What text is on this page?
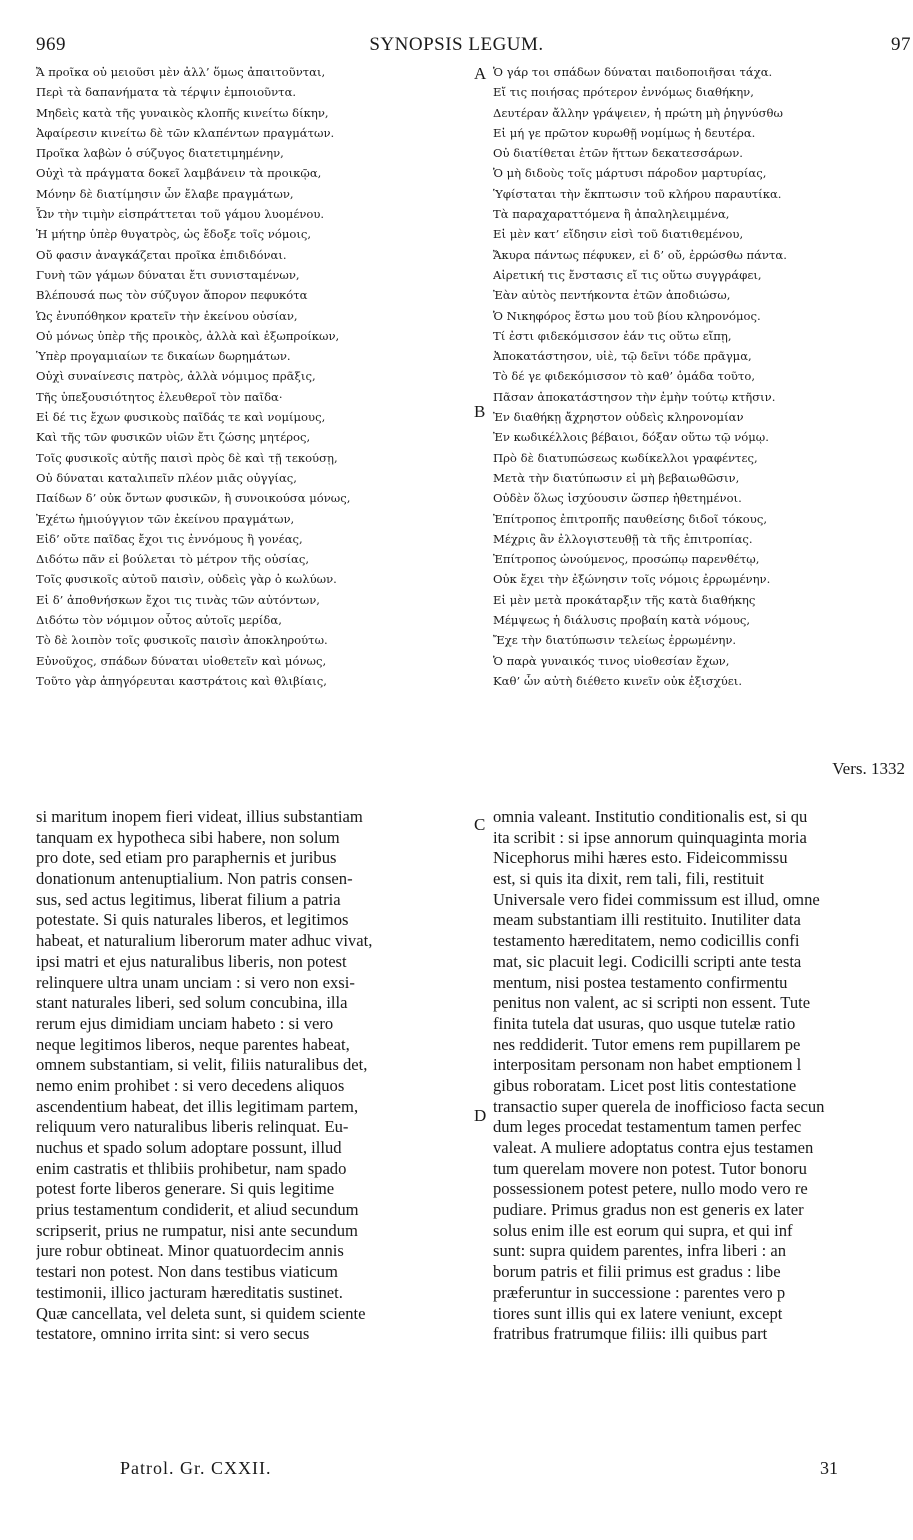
969	SYNOPSIS LEGUM.	97
Ἄ προῖκα οὐ μειοῦσι μὲν ἀλλ’ ὅμως ἀπαιτοῦνται,
Περὶ τὰ δαπανήματα τὰ τέρψιν ἐμποιοῦντα.
Μηδεὶς κατὰ τῆς γυναικὸς κλοπῆς κινείτω δίκην,
Ἀφαίρεσιν κινείτω δὲ τῶν κλαπέντων πραγμάτων.
Προῖκα λαβὼν ὁ σύζυγος διατετιμημένην,
Οὐχὶ τὰ πράγματα δοκεῖ λαμβάνειν τὰ προικῷα,
Μόνην δὲ διατίμησιν ὧν ἔλαβε πραγμάτων,
Ὧν τὴν τιμὴν εἰσπράττεται τοῦ γάμου λυομένου.
Ἡ μήτηρ ὑπὲρ θυγατρὸς, ὡς ἔδοξε τοῖς νόμοις,
Οὔ φασιν ἀναγκάζεται προῖκα ἐπιδιδόναι.
Γυνὴ τῶν γάμων δύναται ἔτι συνισταμένων,
Βλέπουσά πως τὸν σύζυγον ἄπορον πεφυκότα
Ὡς ἐνυπόθηκον κρατεῖν τὴν ἐκείνου οὐσίαν,
Οὐ μόνως ὑπὲρ τῆς προικὸς, ἀλλὰ καὶ ἐξωπροίκων,
Ὑπὲρ προγαμιαίων τε δικαίων δωρημάτων.
Οὐχὶ συναίνεσις πατρὸς, ἀλλὰ νόμιμος πρᾶξις,
Τῆς ὑπεξουσιότητος ἐλευθεροῖ τὸν παῖδα·
Εἰ δέ τις ἔχων φυσικοὺς παῖδάς τε καὶ νομίμους,
Καὶ τῆς τῶν φυσικῶν υἱῶν ἔτι ζώσης μητέρος,
Τοῖς φυσικοῖς αὐτῆς παισὶ πρὸς δὲ καὶ τῇ τεκούσῃ,
Οὐ δύναται καταλιπεῖν πλέον μιᾶς οὐγγίας,
Παίδων δ’ οὐκ ὄντων φυσικῶν, ἢ συνοικούσα μόνως,
Ἐχέτω ἡμιούγγιον τῶν ἐκείνου πραγμάτων,
Εἰδ’ οὔτε παῖδας ἔχοι τις ἐννόμους ἢ γονέας,
Διδότω πᾶν εἰ βούλεται τὸ μέτρον τῆς οὐσίας,
Τοῖς φυσικοῖς αὐτοῦ παισὶν, οὐδεὶς γὰρ ὁ κωλύων.
Εἰ δ’ ἀποθνήσκων ἔχοι τις τινὰς τῶν αὐτόντων,
Διδότω τὸν νόμιμον οὗτος αὐτοῖς μερίδα,
Τὸ δὲ λοιπὸν τοῖς φυσικοῖς παισὶν ἀποκληρούτω.
Εὐνοῦχος, σπάδων δύναται υἱοθετεῖν καὶ μόνως,
Τοῦτο γὰρ ἀπηγόρευται καστράτοις καὶ θλιβίαις,
Ὁ γάρ τοι σπάδων δύναται παιδοποιῆσαι τάχα.
Εἴ τις ποιήσας πρότερον ἐννόμως διαθήκην,
Δευτέραν ἄλλην γράψειεν, ἡ πρώτη μὴ ῥηγνύσθω
Εἰ μή γε πρῶτον κυρωθῇ νομίμως ἡ δευτέρα.
Οὐ διατίθεται ἐτῶν ἥττων δεκατεσσάρων.
Ὁ μὴ διδοὺς τοῖς μάρτυσι πάροδον μαρτυρίας,
Ὑφίσταται τὴν ἔκπτωσιν τοῦ κλήρου παραυτίκα.
Τὰ παραχαραττόμενα ἢ ἀπαληλειμμένα,
Εἰ μὲν κατ’ εἴδησιν εἰσὶ τοῦ διατιθεμένου,
Ἄκυρα πάντως πέφυκεν, εἰ δ’ οὔ, ἐρρώσθω πάντα.
Αἱρετική τις ἔνστασις εἴ τις οὕτω συγγράφει,
Ἐὰν αὐτὸς πεντήκοντα ἐτῶν ἀποδιώσω,
Ὁ Νικηφόρος ἔστω μου τοῦ βίου κληρονόμος.
Τί ἐστι φιδεκόμισσον ἐάν τις οὕτω εἴπῃ,
Ἀποκατάστησον, υἱὲ, τῷ δεῖνι τόδε πρᾶγμα,
Τὸ δέ γε φιδεκόμισσον τὸ καθ’ ὁμάδα τοῦτο,
Πᾶσαν ἀποκατάστησον τὴν ἐμὴν τούτῳ κτῆσιν.
Ἐν διαθήκῃ ἄχρηστον οὐδεὶς κληρονομίαν
Ἐν κωδικέλλοις βέβαιοι, δόξαν οὕτω τῷ νόμῳ.
Πρὸ δὲ διατυπώσεως κωδίκελλοι γραφέντες,
Μετὰ τὴν διατύπωσιν εἰ μὴ βεβαιωθῶσιν,
Οὐδὲν ὅλως ἰσχύουσιν ὥσπερ ἠθετημένοι.
Ἐπίτροπος ἐπιτροπῆς παυθείσης διδοῖ τόκους,
Μέχρις ἂν ἐλλογιστευθῇ τὰ τῆς ἐπιτροπίας.
Ἐπίτροπος ὠνούμενος, προσώπῳ παρενθέτῳ,
Οὐκ ἔχει τὴν ἐξώνησιν τοῖς νόμοις ἐρρωμένην.
Εἰ μὲν μετὰ προκάταρξιν τῆς κατὰ διαθήκης
Μέμψεως ἡ διάλυσις προβαίη κατὰ νόμους,
Ἔχε τὴν διατύπωσιν τελείως ἐρρωμένην.
Ὁ παρὰ γυναικός τινος υἱοθεσίαν ἔχων,
Καθ’ ὧν αὐτὴ διέθετο κινεῖν οὐκ ἐξισχύει.
A
B
C
D
Vers. 1332
si maritum inopem fieri videat, illius substantiam
tanquam ex hypotheca sibi habere, non solum
pro dote, sed etiam pro paraphernis et juribus
donationum antenuptialium. Non patris consen-
sus, sed actus legitimus, liberat filium a patria
potestate. Si quis naturales liberos, et legitimos
habeat, et naturalium liberorum mater adhuc vivat,
ipsi matri et ejus naturalibus liberis, non potest
relinquere ultra unam unciam : si vero non exsi-
stant naturales liberi, sed solum concubina, illa
rerum ejus dimidiam unciam habeto : si vero
neque legitimos liberos, neque parentes habeat,
omnem substantiam, si velit, filiis naturalibus det,
nemo enim prohibet : si vero decedens aliquos
ascendentium habeat, det illis legitimam partem,
reliquum vero naturalibus liberis relinquat. Eu-
nuchus et spado solum adoptare possunt, illud
enim castratis et thlibiis prohibetur, nam spado
potest forte liberos generare. Si quis legitime
prius testamentum condiderit, et aliud secundum
scripserit, prius ne rumpatur, nisi ante secundum
jure robur obtineat. Minor quatuordecim annis
testari non potest. Non dans testibus viaticum
testimonii, illico jacturam hæreditatis sustinet.
Quæ cancellata, vel deleta sunt, si quidem sciente
testatore, omnino irrita sint: si vero secus
omnia valeant. Institutio conditionalis est, si qu
ita scribit : si ipse annorum quinquaginta moria
Nicephorus mihi hæres esto. Fideicommissu
est, si quis ita dixit, rem tali, fili, restituit
Universale vero fidei commissum est illud, omne
meam substantiam illi restituito. Inutiliter data
testamento hæreditatem, nemo codicillis confi
mat, sic placuit legi. Codicilli scripti ante testa
mentum, nisi postea testamento confirmentu
penitus non valent, ac si scripti non essent. Tute
finita tutela dat usuras, quo usque tutelæ ratio
nes reddiderit. Tutor emens rem pupillarem pe
interpositam personam non habet emptionem l
gibus roboratam. Licet post litis contestatione
transactio super querela de inofficioso facta secun
dum leges procedat testamentum tamen perfec
valeat. A muliere adoptatus contra ejus testamen
tum querelam movere non potest. Tutor bonoru
possessionem potest petere, nullo modo vero re
pudiare. Primus gradus non est generis ex later
solus enim ille est eorum qui supra, et qui inf
sunt: supra quidem parentes, infra liberi : an
borum patris et filii primus est gradus : libe
præferuntur in successione : parentes vero p
tiores sunt illis qui ex latere veniunt, except
fratribus fratrumque filiis: illi quibus part
Patrol. Gr. CXXII.	31
